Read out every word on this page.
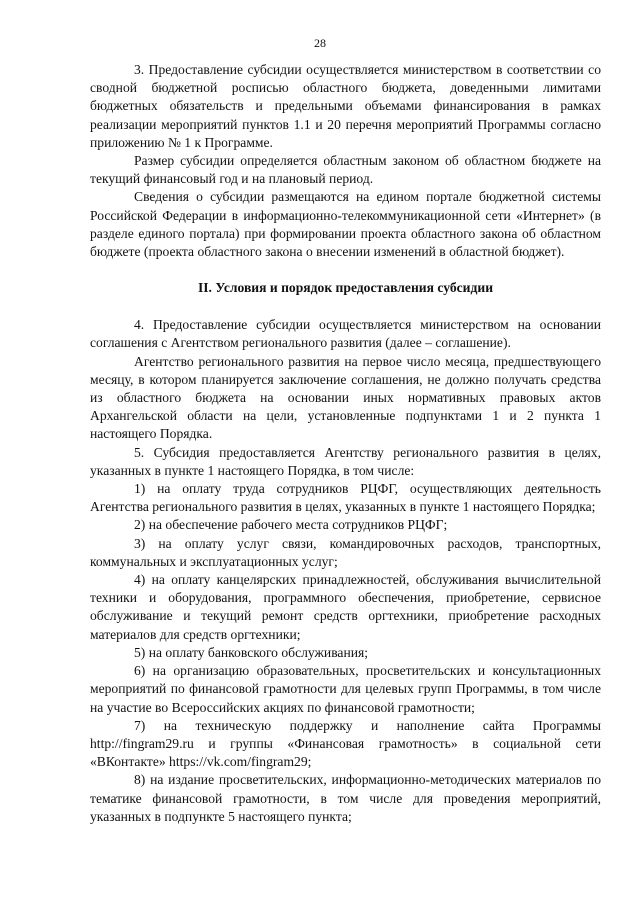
28

3. Предоставление субсидии осуществляется министерством в соответствии со сводной бюджетной росписью областного бюджета, доведенными лимитами бюджетных обязательств и предельными объемами финансирования в рамках реализации мероприятий пунктов 1.1 и 20 перечня мероприятий Программы согласно приложению № 1 к Программе.

Размер субсидии определяется областным законом об областном бюджете на текущий финансовый год и на плановый период.

Сведения о субсидии размещаются на едином портале бюджетной системы Российской Федерации в информационно-телекоммуникационной сети «Интернет» (в разделе единого портала) при формировании проекта областного закона об областном бюджете (проекта областного закона о внесении изменений в областной бюджет).

II. Условия и порядок предоставления субсидии

4. Предоставление субсидии осуществляется министерством на основании соглашения с Агентством регионального развития (далее – соглашение).

Агентство регионального развития на первое число месяца, предшествующего месяцу, в котором планируется заключение соглашения, не должно получать средства из областного бюджета на основании иных нормативных правовых актов Архангельской области на цели, установленные подпунктами 1 и 2 пункта 1 настоящего Порядка.

5. Субсидия предоставляется Агентству регионального развития в целях, указанных в пункте 1 настоящего Порядка, в том числе:

1) на оплату труда сотрудников РЦФГ, осуществляющих деятельность Агентства регионального развития в целях, указанных в пункте 1 настоящего Порядка;

2) на обеспечение рабочего места сотрудников РЦФГ;

3) на оплату услуг связи, командировочных расходов, транспортных, коммунальных и эксплуатационных услуг;

4) на оплату канцелярских принадлежностей, обслуживания вычислительной техники и оборудования, программного обеспечения, приобретение, сервисное обслуживание и текущий ремонт средств оргтехники, приобретение расходных материалов для средств оргтехники;

5) на оплату банковского обслуживания;

6) на организацию образовательных, просветительских и консультационных мероприятий по финансовой грамотности для целевых групп Программы, в том числе на участие во Всероссийских акциях по финансовой грамотности;

7) на техническую поддержку и наполнение сайта Программы http://fingram29.ru и группы «Финансовая грамотность» в социальной сети «ВКонтакте» https://vk.com/fingram29;

8) на издание просветительских, информационно-методических материалов по тематике финансовой грамотности, в том числе для проведения мероприятий, указанных в подпункте 5 настоящего пункта;
